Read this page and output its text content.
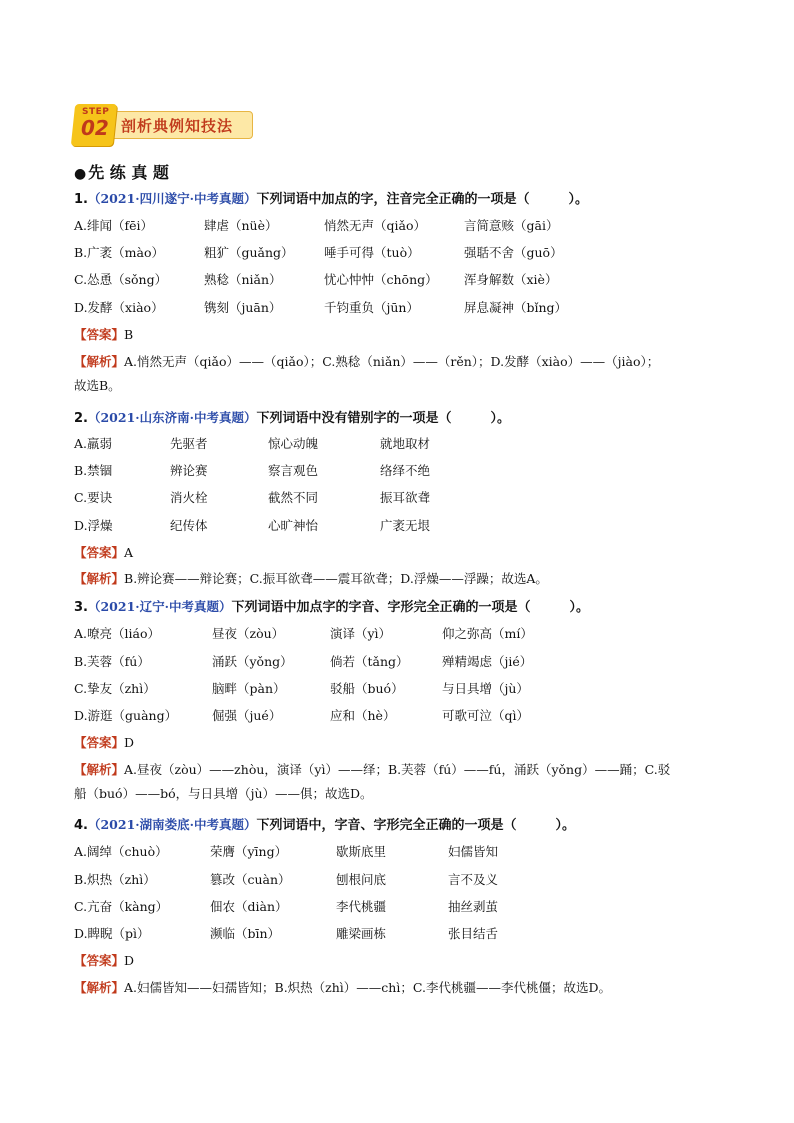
STEP
02 剖析典例知技法
● 先 练 真 题
1.（2021·四川遂宁·中考真题）下列词语中加点的字，注音完全正确的一项是（　　　）。
A.绯闻（fēi）	肆虐（nüè）	悄然无声（qiǎo）	言简意赅（gāi）
B.广袤（mào）	粗犷（guǎng） 唾手可得（tuò）	强聒不舍（guō）
C.怂恿（sǒng）	熟稔（niǎn）	忧心忡忡（chōng） 浑身解数（xiè）
D.发酵（xiào）	镌刻（juān）	千钧重负（jūn）	屏息凝神（bǐng）
【答案】B
【解析】A.悄然无声（qiǎo）——（qiǎo）；C.熟稔（niǎn）——（rěn）；D.发酵（xiào）——（jiào）；
故选B。
2.（2021·山东济南·中考真题）下列词语中没有错别字的一项是（　　　）。
A.羸弱	先驱者	惊心动魄	就地取材
B.禁锢	辨论赛	察言观色	络绎不绝
C.要诀	消火栓	截然不同	振耳欲聋
D.浮燥	纪传体	心旷神怡	广袤无垠
【答案】A
【解析】B.辨论赛——辩论赛；C.振耳欲聋——震耳欲聋；D.浮燥——浮躁；故选A。
3.（2021·辽宁·中考真题）下列词语中加点字的字音、字形完全正确的一项是（　　　）。
A.嘹亮（liáo）	昼夜（zòu）	演译（yì）	仰之弥高（mí）
B.芙蓉（fú）	涌跃（yǒng）	倘若（tǎng）	殚精竭虑（jié）
C.挚友（zhì）	脑畔（pàn）	驳船（buó）	与日具增（jù）
D.游逛（guàng）	倔强（jué）	应和（hè）	可歌可泣（qì）
【答案】D
【解析】A.昼夜（zòu）——zhòu，演译（yì）——绎；B.芙蓉（fú）——fú，涌跃（yǒng）——踊；C.驳
船（buó）——bó，与日具增（jù）——俱；故选D。
4.（2021·湖南娄底·中考真题）下列词语中，字音、字形完全正确的一项是（　　　）。
A.阔绰（chuò）	荣膺（yīng）	歇斯底里	妇儒皆知
B.炽热（zhì）	篡改（cuàn）	刨根问底	言不及义
C.亢奋（kàng）	佃农（diàn）	李代桃疆	抽丝剥茧
D.睥睨（pì）	濒临（bīn）	雕梁画栋	张目结舌
【答案】D
【解析】A.妇儒皆知——妇孺皆知；B.炽热（zhì）——chì；C.李代桃疆——李代桃僵；故选D。
